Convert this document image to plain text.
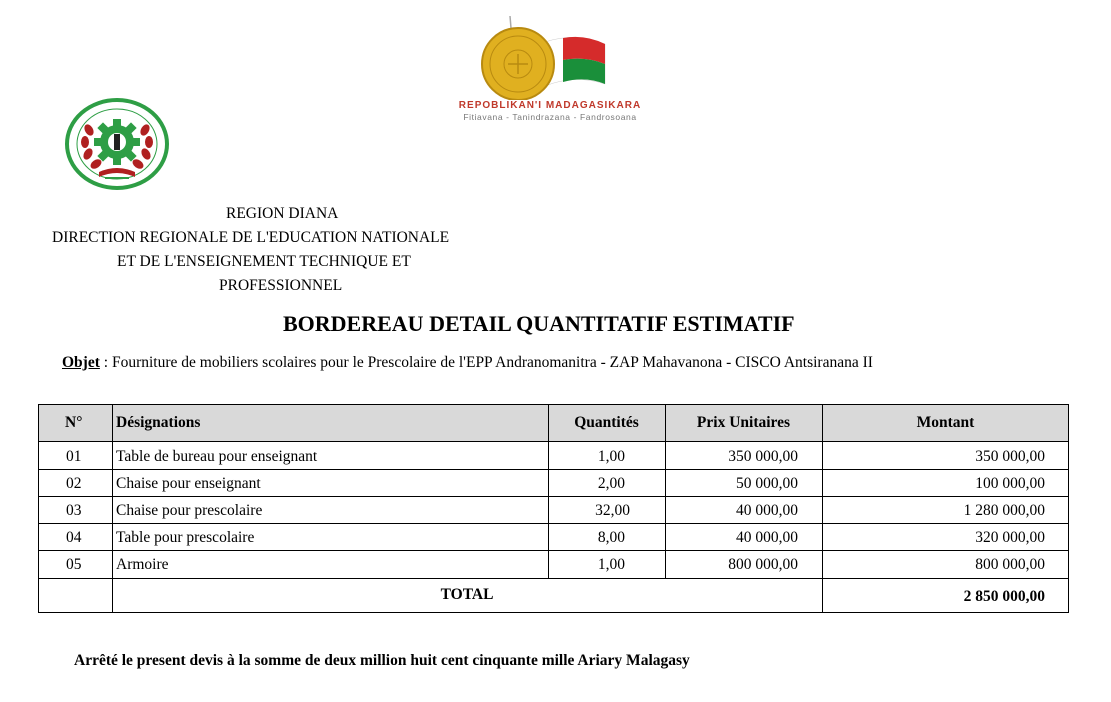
REPOBLIKAN'I MADAGASIKARA
Fitiavana - Tanindrazana - Fandrosoana
REGION DIANA
DIRECTION REGIONALE DE L'EDUCATION NATIONALE
ET DE L'ENSEIGNEMENT TECHNIQUE ET
PROFESSIONNEL
BORDEREAU DETAIL QUANTITATIF ESTIMATIF
Objet : Fourniture de mobiliers scolaires pour le Prescolaire de l'EPP Andranomanitra - ZAP Mahavanona - CISCO Antsiranana II
N° Désignations	Quantités	Prix Unitaires	Montant
01 Table de bureau pour enseignant	1,00	350 000,00	350 000,00
02 Chaise pour enseignant	2,00	50 000,00	100 000,00
03 Chaise pour prescolaire	32,00	40 000,00	1 280 000,00
04 Table pour prescolaire	8,00	40 000,00	320 000,00
05 Armoire	1,00	800 000,00	800 000,00
TOTAL	2 850 000,00
Arrêté le present devis à la somme de deux million huit cent cinquante mille Ariary Malagasy
